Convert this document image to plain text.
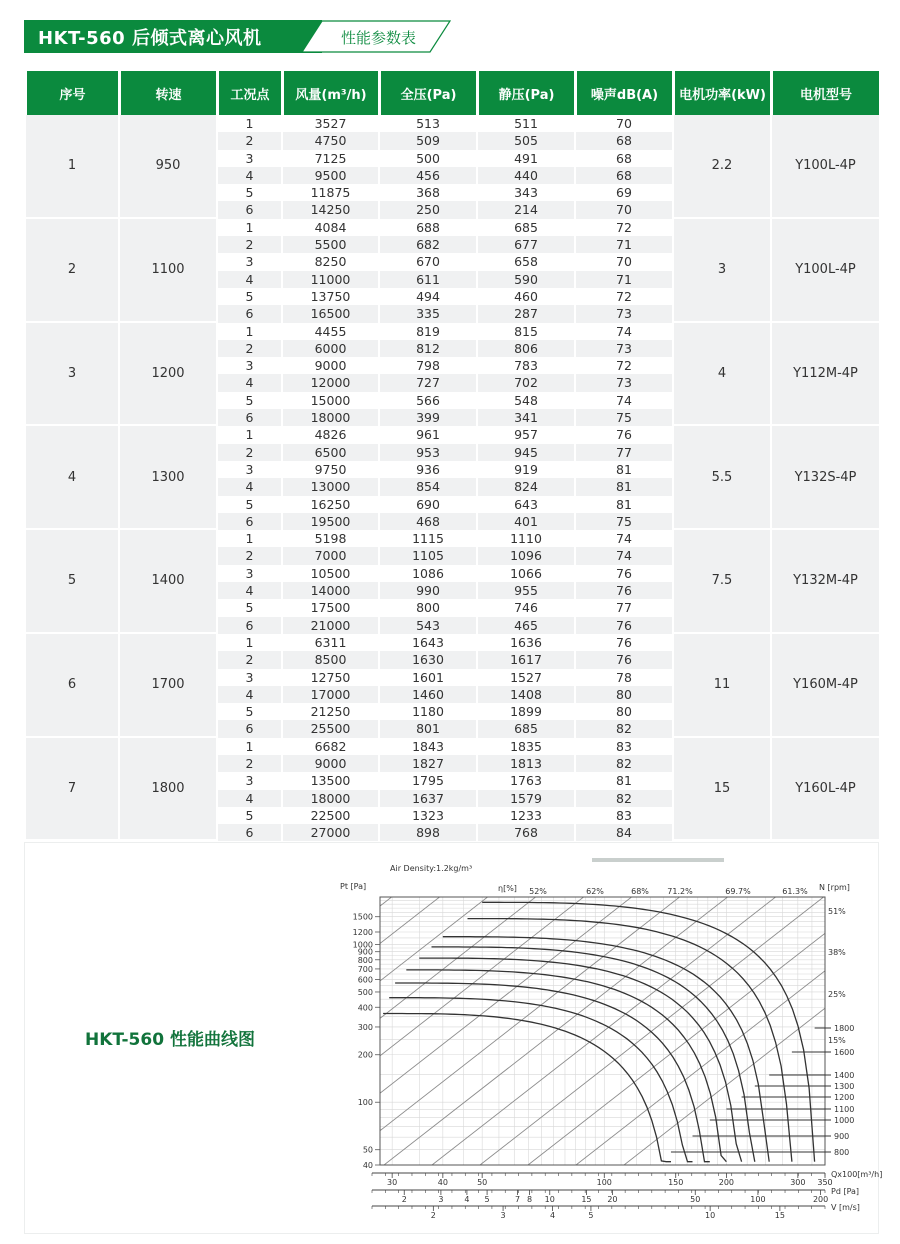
HKT-560 后倾式离心风机	性能参数表
序号	转速	工况点	风量(m³/h)	全压(Pa)	静压(Pa)	噪声dB(A)	电机功率(kW)	电机型号
1	950	1	3527	513	511	70	2.2	Y100L-4P
		2	4750	509	505	68		
		3	7125	500	491	68		
		4	9500	456	440	68		
		5	11875	368	343	69		
		6	14250	250	214	70		
2	1100	1	4084	688	685	72	3	Y100L-4P
		2	5500	682	677	71		
		3	8250	670	658	70		
		4	11000	611	590	71		
		5	13750	494	460	72		
		6	16500	335	287	73		
3	1200	1	4455	819	815	74	4	Y112M-4P
		2	6000	812	806	73		
		3	9000	798	783	72		
		4	12000	727	702	73		
		5	15000	566	548	74		
		6	18000	399	341	75		
4	1300	1	4826	961	957	76	5.5	Y132S-4P
		2	6500	953	945	77		
		3	9750	936	919	81		
		4	13000	854	824	81		
		5	16250	690	643	81		
		6	19500	468	401	75		
5	1400	1	5198	1115	1110	74	7.5	Y132M-4P
		2	7000	1105	1096	74		
		3	10500	1086	1066	76		
		4	14000	990	955	76		
		5	17500	800	746	77		
		6	21000	543	465	76		
6	1700	1	6311	1643	1636	76	11	Y160M-4P
		2	8500	1630	1617	76		
		3	12750	1601	1527	78		
		4	17000	1460	1408	80		
		5	21250	1180	1899	80		
		6	25500	801	685	82		
7	1800	1	6682	1843	1835	83	15	Y160L-4P
		2	9000	1827	1813	82		
		3	13500	1795	1763	81		
		4	18000	1637	1579	82		
		5	22500	1323	1233	83		
		6	27000	898	768	84		
HKT-560 性能曲线图
1800
1600
1400
1300
1200
1100
1000
900
800
40
50
100
200
300
400
500
600
700
800
900
1000
1200
1500
Pt [Pa]
Air Density:1.2kg/m³
η[%]	N [rpm]
52%	62%	68% 71.2%	69.7%	61.3%
51%
38%
25%
15%
30	40	50	100	150	200	300 350
Qx100[m³/h]
2	3	4 5	7 8 10	15 20	50	100	200
Pd [Pa]
2	3	4	5	10	15
V [m/s]
